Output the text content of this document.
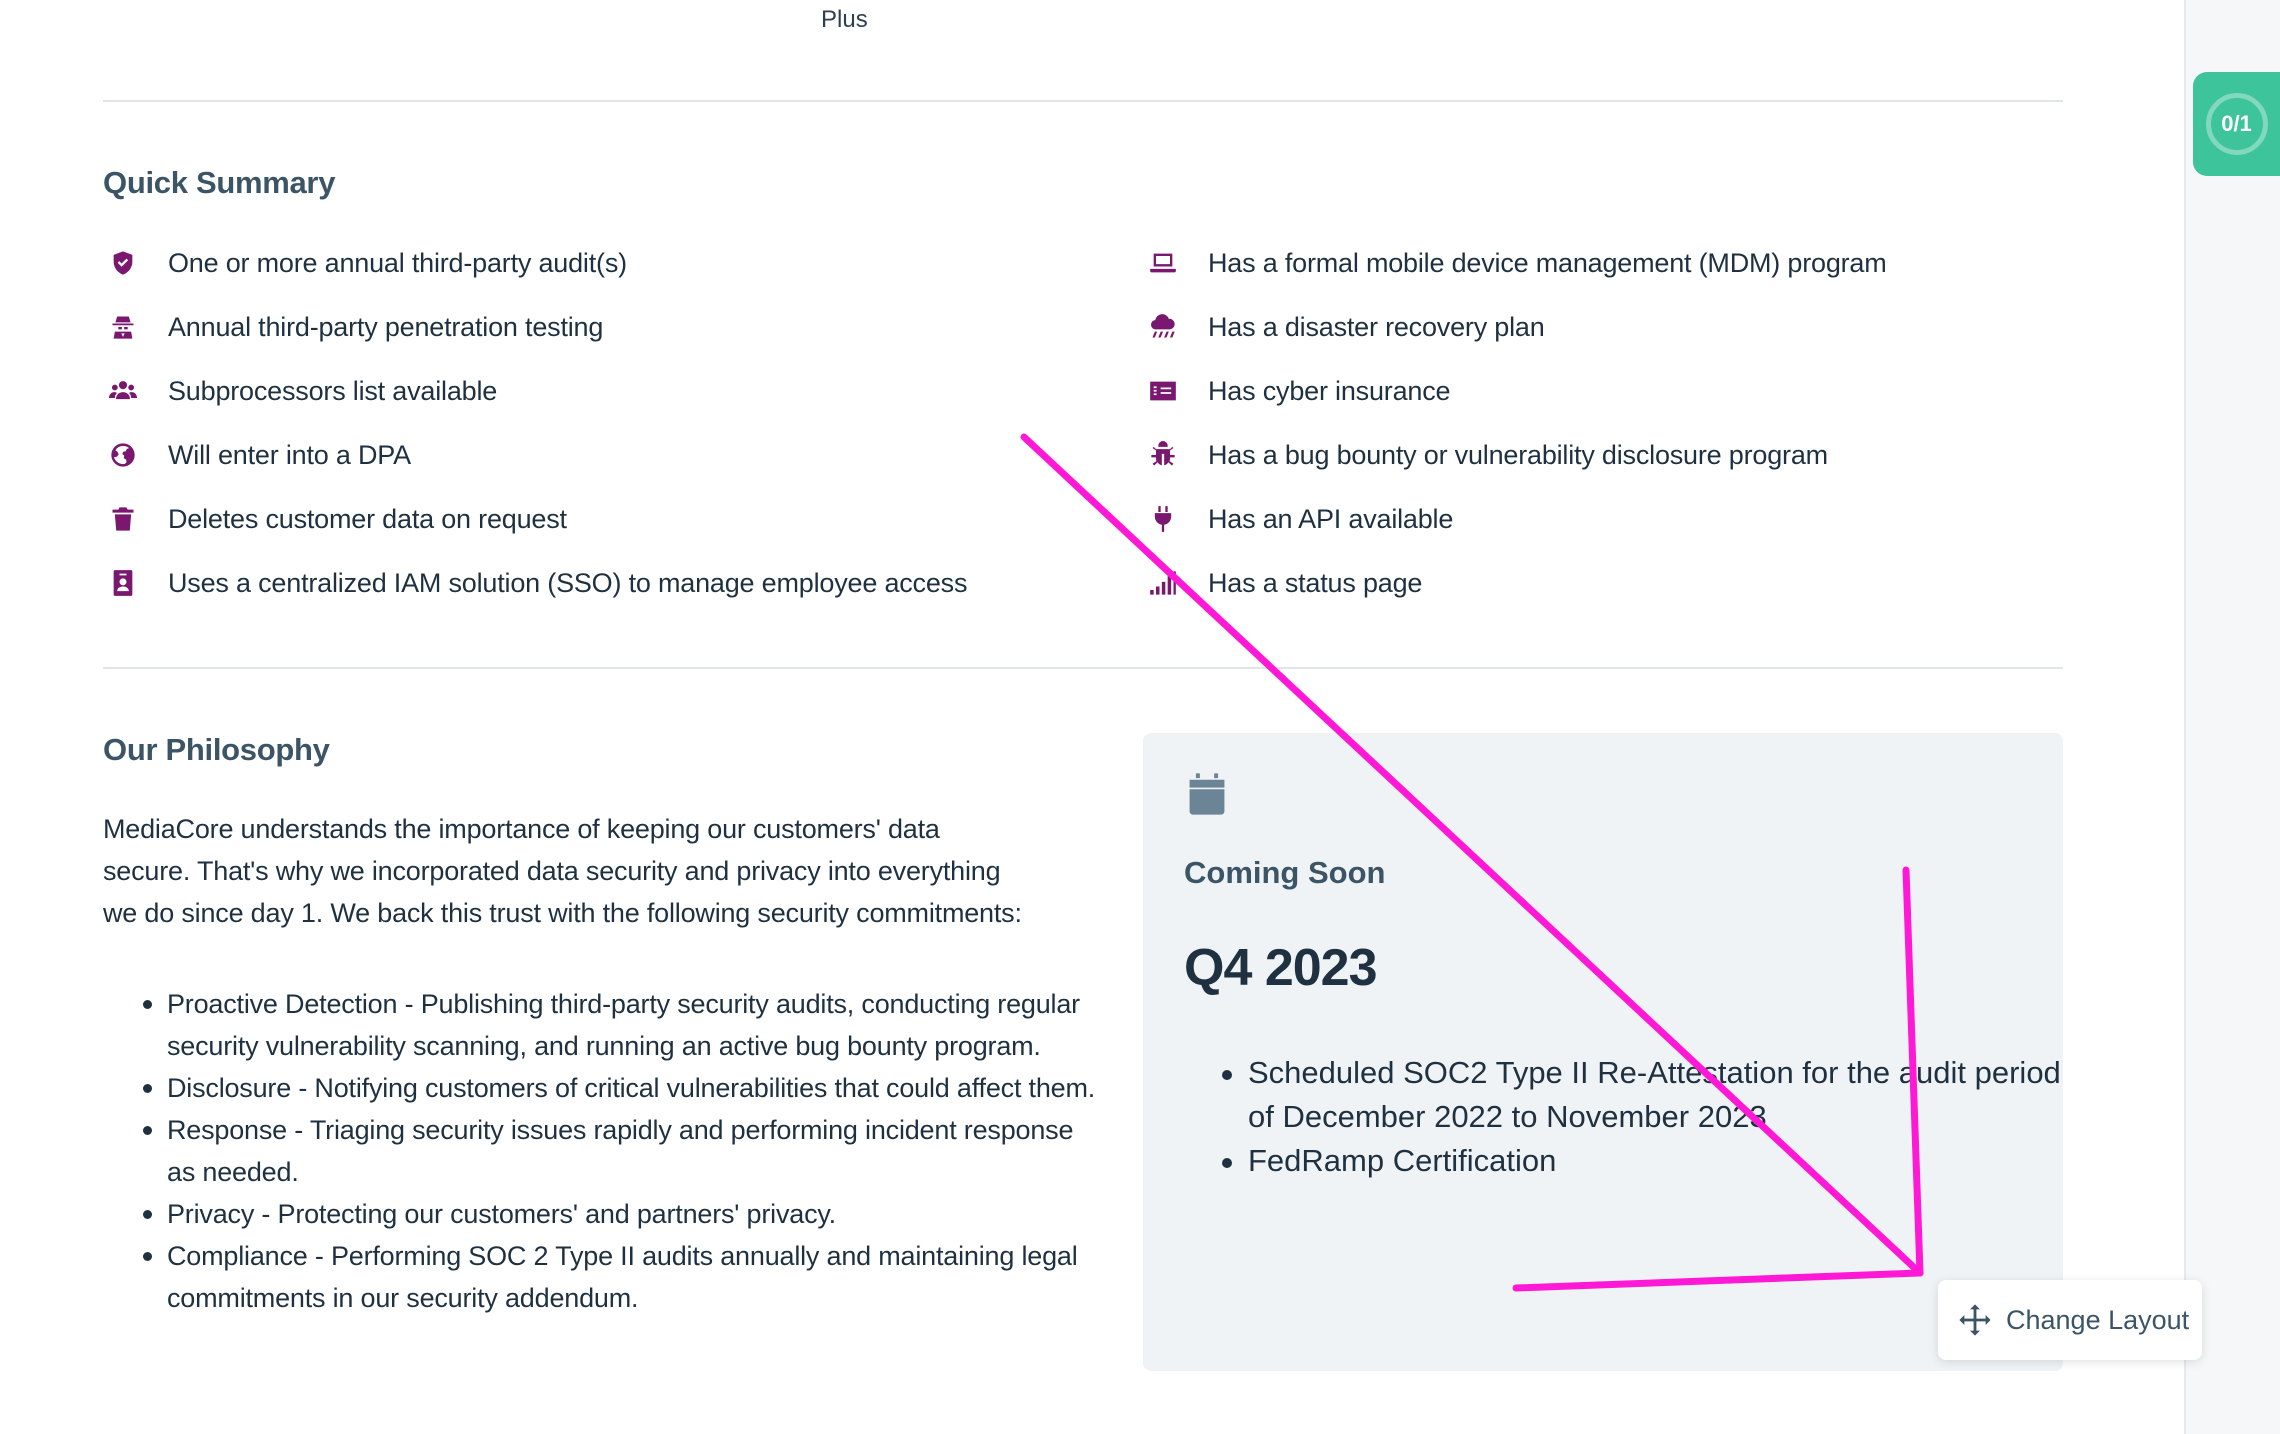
Plus
Quick Summary
One or more annual third-party audit(s)
Annual third-party penetration testing
Subprocessors list available
Will enter into a DPA
Deletes customer data on request
Uses a centralized IAM solution (SSO) to manage employee access
Has a formal mobile device management (MDM) program
Has a disaster recovery plan
Has cyber insurance
Has a bug bounty or vulnerability disclosure program
Has an API available
Has a status page
Our Philosophy
MediaCore understands the importance of keeping our customers' data secure. That's why we incorporated data security and privacy into everything we do since day 1. We back this trust with the following security commitments:
Proactive Detection - Publishing third-party security audits, conducting regular security vulnerability scanning, and running an active bug bounty program.
Disclosure - Notifying customers of critical vulnerabilities that could affect them.
Response - Triaging security issues rapidly and performing incident response as needed.
Privacy - Protecting our customers' and partners' privacy.
Compliance - Performing SOC 2 Type II audits annually and maintaining legal commitments in our security addendum.
Coming Soon
Q4 2023
Scheduled SOC2 Type II Re-Attestation for the audit period of December 2022 to November 2023
FedRamp Certification
0/1
Change Layout
